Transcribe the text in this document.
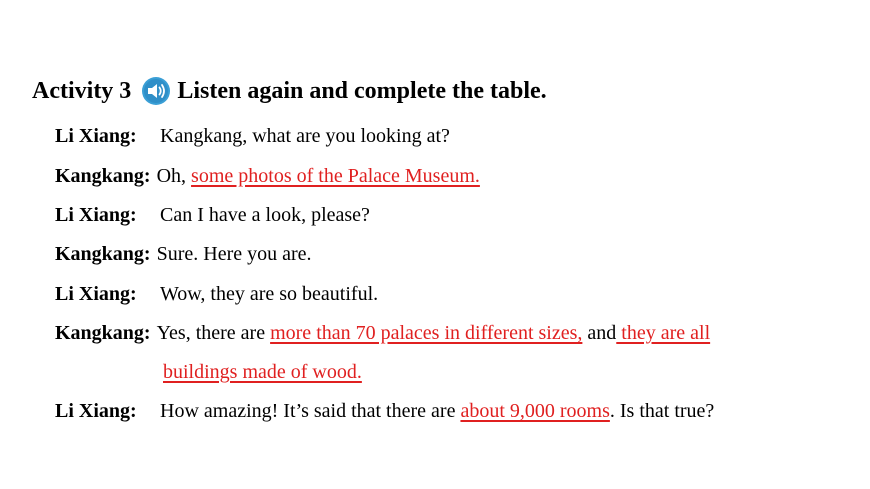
Activity 3 Listen again and complete the table.
Li Xiang: Kangkang, what are you looking at?
Kangkang: Oh, some photos of the Palace Museum.
Li Xiang: Can I have a look, please?
Kangkang: Sure. Here you are.
Li Xiang: Wow, they are so beautiful.
Kangkang: Yes, there are more than 70 palaces in different sizes, and they are all
buildings made of wood.
Li Xiang: How amazing! It’s said that there are about 9,000 rooms. Is that true?
